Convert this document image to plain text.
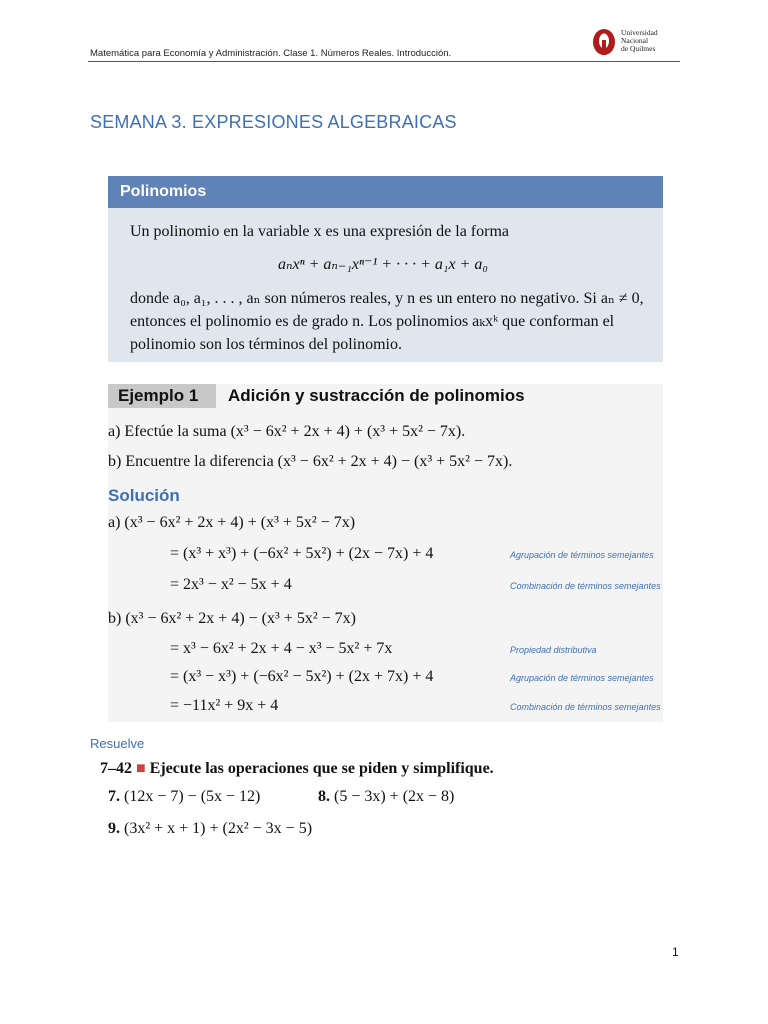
Matemática para Economía y Administración. Clase 1. Números Reales. Introducción.
Universidad
Nacional
de Quilmes
SEMANA 3. EXPRESIONES ALGEBRAICAS
Polinomios
Un polinomio en la variable x es una expresión de la forma
aₙxⁿ + aₙ₋₁xⁿ⁻¹ + · · · + a₁x + a₀
donde a₀, a₁, . . . , aₙ son números reales, y n es un entero no negativo. Si aₙ ≠ 0, entonces el polinomio es de grado n. Los polinomios aₖxᵏ que conforman el polinomio son los términos del polinomio.
Ejemplo 1 Adición y sustracción de polinomios
a) Efectúe la suma (x³ − 6x² + 2x + 4) + (x³ + 5x² − 7x).
b) Encuentre la diferencia (x³ − 6x² + 2x + 4) − (x³ + 5x² − 7x).
Solución
a) (x³ − 6x² + 2x + 4) + (x³ + 5x² − 7x)
= (x³ + x³) + (−6x² + 5x²) + (2x − 7x) + 4	Agrupación de términos semejantes
= 2x³ − x² − 5x + 4	Combinación de términos semejantes
b) (x³ − 6x² + 2x + 4) − (x³ + 5x² − 7x)
= x³ − 6x² + 2x + 4 − x³ − 5x² + 7x	Propiedad distributiva
= (x³ − x³) + (−6x² − 5x²) + (2x + 7x) + 4	Agrupación de términos semejantes
= −11x² + 9x + 4	Combinación de términos semejantes
Resuelve
7–42 ■ Ejecute las operaciones que se piden y simplifique.
7. (12x − 7) − (5x − 12)	8. (5 − 3x) + (2x − 8)
9. (3x² + x + 1) + (2x² − 3x − 5)
1
